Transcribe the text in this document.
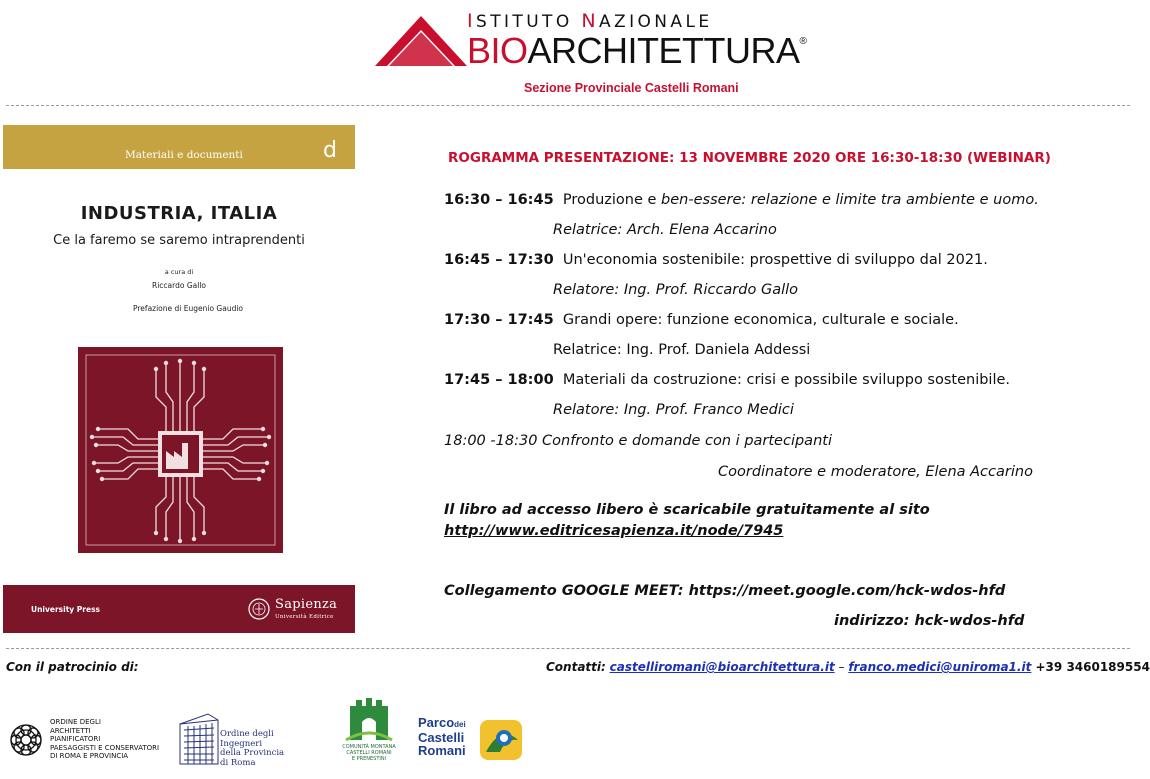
ISTITUTO NAZIONALE
BIOARCHITETTURA®
Sezione Provinciale Castelli Romani
Materiali e documenti	d
INDUSTRIA, ITALIA
Ce la faremo se saremo intraprendenti
a cura di
Riccardo Gallo
Prefazione di Eugenio Gaudio
University Press	Sapienza
Università Editrice
ROGRAMMA PRESENTAZIONE: 13 NOVEMBRE 2020 ORE 16:30-18:30 (WEBINAR)
16:30 – 16:45 Produzione e ben-essere: relazione e limite tra ambiente e uomo.
Relatrice: Arch. Elena Accarino
16:45 – 17:30 Un'economia sostenibile: prospettive di sviluppo dal 2021.
Relatore: Ing. Prof. Riccardo Gallo
17:30 – 17:45 Grandi opere: funzione economica, culturale e sociale.
Relatrice: Ing. Prof. Daniela Addessi
17:45 – 18:00 Materiali da costruzione: crisi e possibile sviluppo sostenibile.
Relatore: Ing. Prof. Franco Medici
18:00 -18:30 Confronto e domande con i partecipanti
Coordinatore e moderatore, Elena Accarino
Il libro ad accesso libero è scaricabile gratuitamente al sito
http://www.editricesapienza.it/node/7945
Collegamento GOOGLE MEET: https://meet.google.com/hck-wdos-hfd
indirizzo: hck-wdos-hfd
Con il patrocinio di:	Contatti: castelliromani@bioarchitettura.it – franco.medici@uniroma1.it +39 3460189554
ORDINE DEGLI
ARCHITETTI
PIANIFICATORI
PAESAGGISTI E CONSERVATORI
DI ROMA E PROVINCIA
Ordine degli Ingegneri
della Provincia
di Roma
COMUNITÀ MONTANA
CASTELLI ROMANI
E PRENESTINI
Parcodei
Castelli
Romani
